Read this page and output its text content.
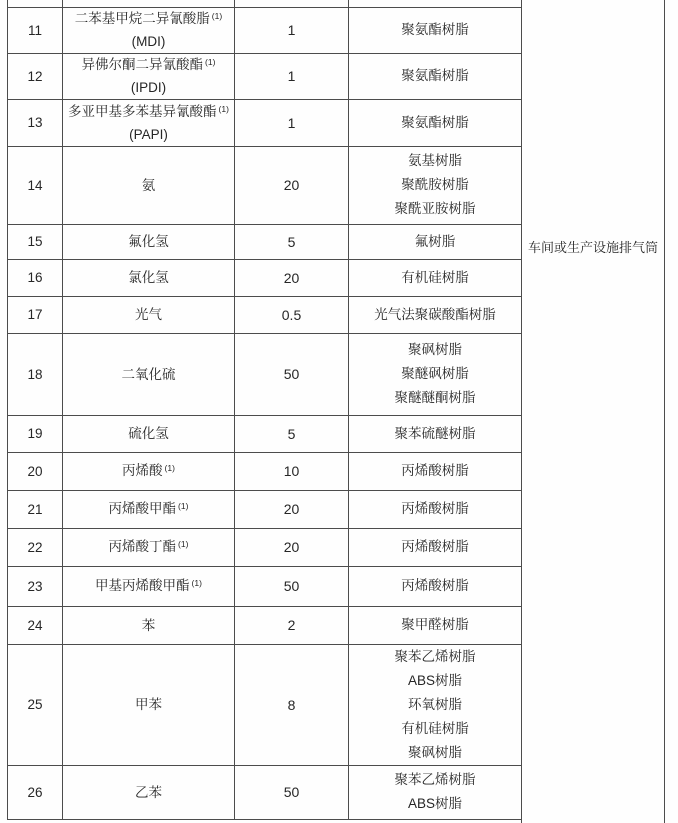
				车间或生产设施排气筒

11	二苯基甲烷二异氰酸脂 $^{(1)}$
(MDI)	1	聚氨酯树脂	

12	异佛尔酮二异氰酸酯 $^{(1)}$
(IPDI)	1	聚氨酯树脂	

13	多亚甲基多苯基异氰酸酯 $^{(1)}$
(PAPI)	1	聚氨酯树脂	

14	氨	20	氨基树脂
聚酰胺树脂
聚酰亚胺树脂	

15	氟化氢	5	氟树脂	

16	氯化氢	20	有机硅树脂	

17	光气	0.5	光气法聚碳酸酯树脂	

18	二氧化硫	50	聚砜树脂
聚醚砜树脂
聚醚醚酮树脂	

19	硫化氢	5	聚苯硫醚树脂	

20	丙烯酸 $^{(1)}$	10	丙烯酸树脂	

21	丙烯酸甲酯 $^{(1)}$	20	丙烯酸树脂	

22	丙烯酸丁酯 $^{(1)}$	20	丙烯酸树脂	

23	甲基丙烯酸甲酯 $^{(1)}$	50	丙烯酸树脂	

24	苯	2	聚甲醛树脂	

25	甲苯	8	聚苯乙烯树脂
ABS树脂
环氧树脂
有机硅树脂
聚砜树脂	

26	乙苯	50	聚苯乙烯树脂
ABS树脂	
